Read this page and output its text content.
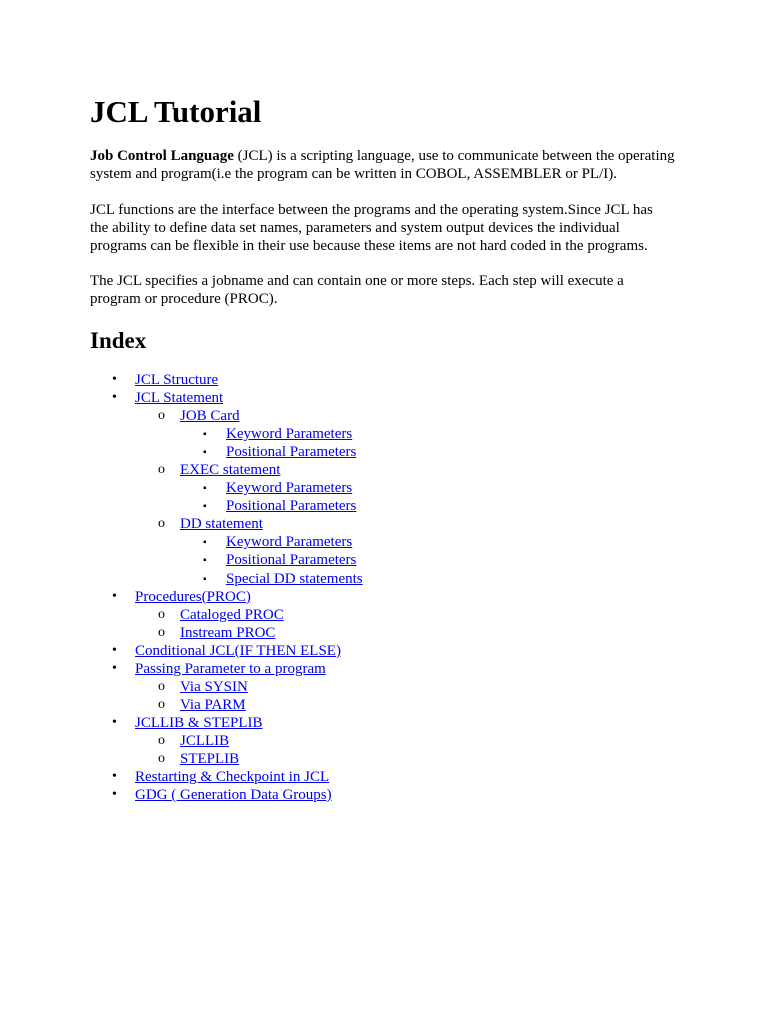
JCL Tutorial

Job Control Language (JCL) is a scripting language, use to communicate between the operating
system and program(i.e the program can be written in COBOL, ASSEMBLER or PL/I).

JCL functions are the interface between the programs and the operating system.Since JCL has
the ability to define data set names, parameters and system output devices the individual
programs can be flexible in their use because these items are not hard coded in the programs.

The JCL specifies a jobname and can contain one or more steps. Each step will execute a
program or procedure (PROC).

Index
• JCL Structure
• JCL Statement
o JOB Card
▪ Keyword Parameters
▪ Positional Parameters
o EXEC statement
▪ Keyword Parameters
▪ Positional Parameters
o DD statement
▪ Keyword Parameters
▪ Positional Parameters
▪ Special DD statements
• Procedures(PROC)
o Cataloged PROC
o Instream PROC
• Conditional JCL(IF THEN ELSE)
• Passing Parameter to a program
o Via SYSIN
o Via PARM
• JCLLIB & STEPLIB
o JCLLIB
o STEPLIB
• Restarting & Checkpoint in JCL
• GDG ( Generation Data Groups)
